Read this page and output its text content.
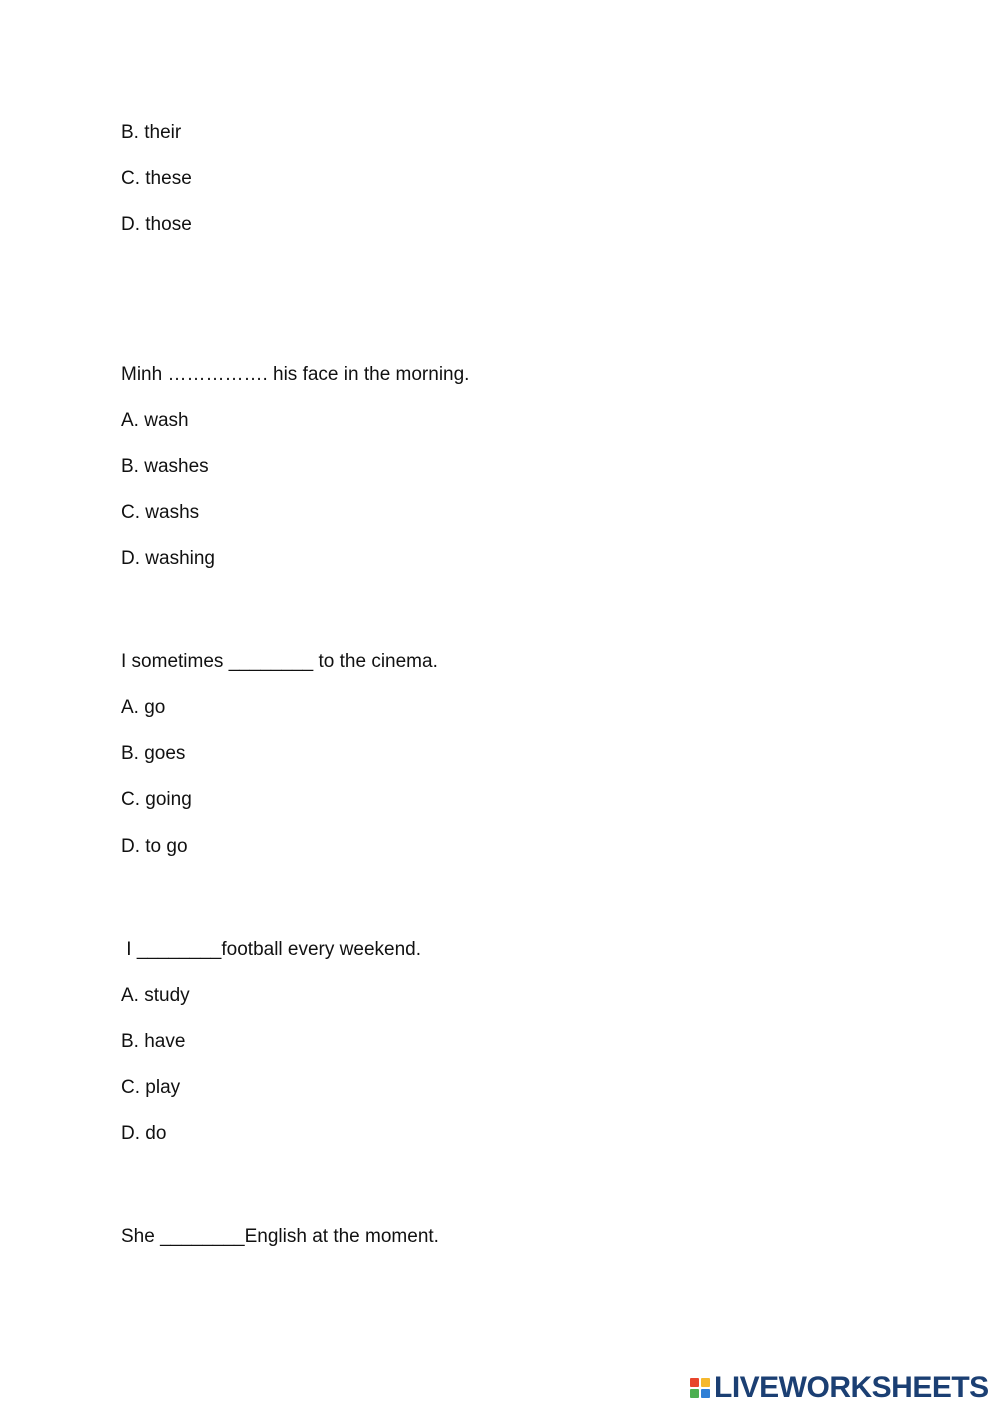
B. their
C. these
D. those
Minh ……………. his face in the morning.
A. wash
B. washes
C. washs
D. washing
I sometimes ________ to the cinema.
A. go
B. goes
C. going
D. to go
I ________football every weekend.
A. study
B. have
C. play
D. do
She ________English at the moment.
LIVEWORKSHEETS
